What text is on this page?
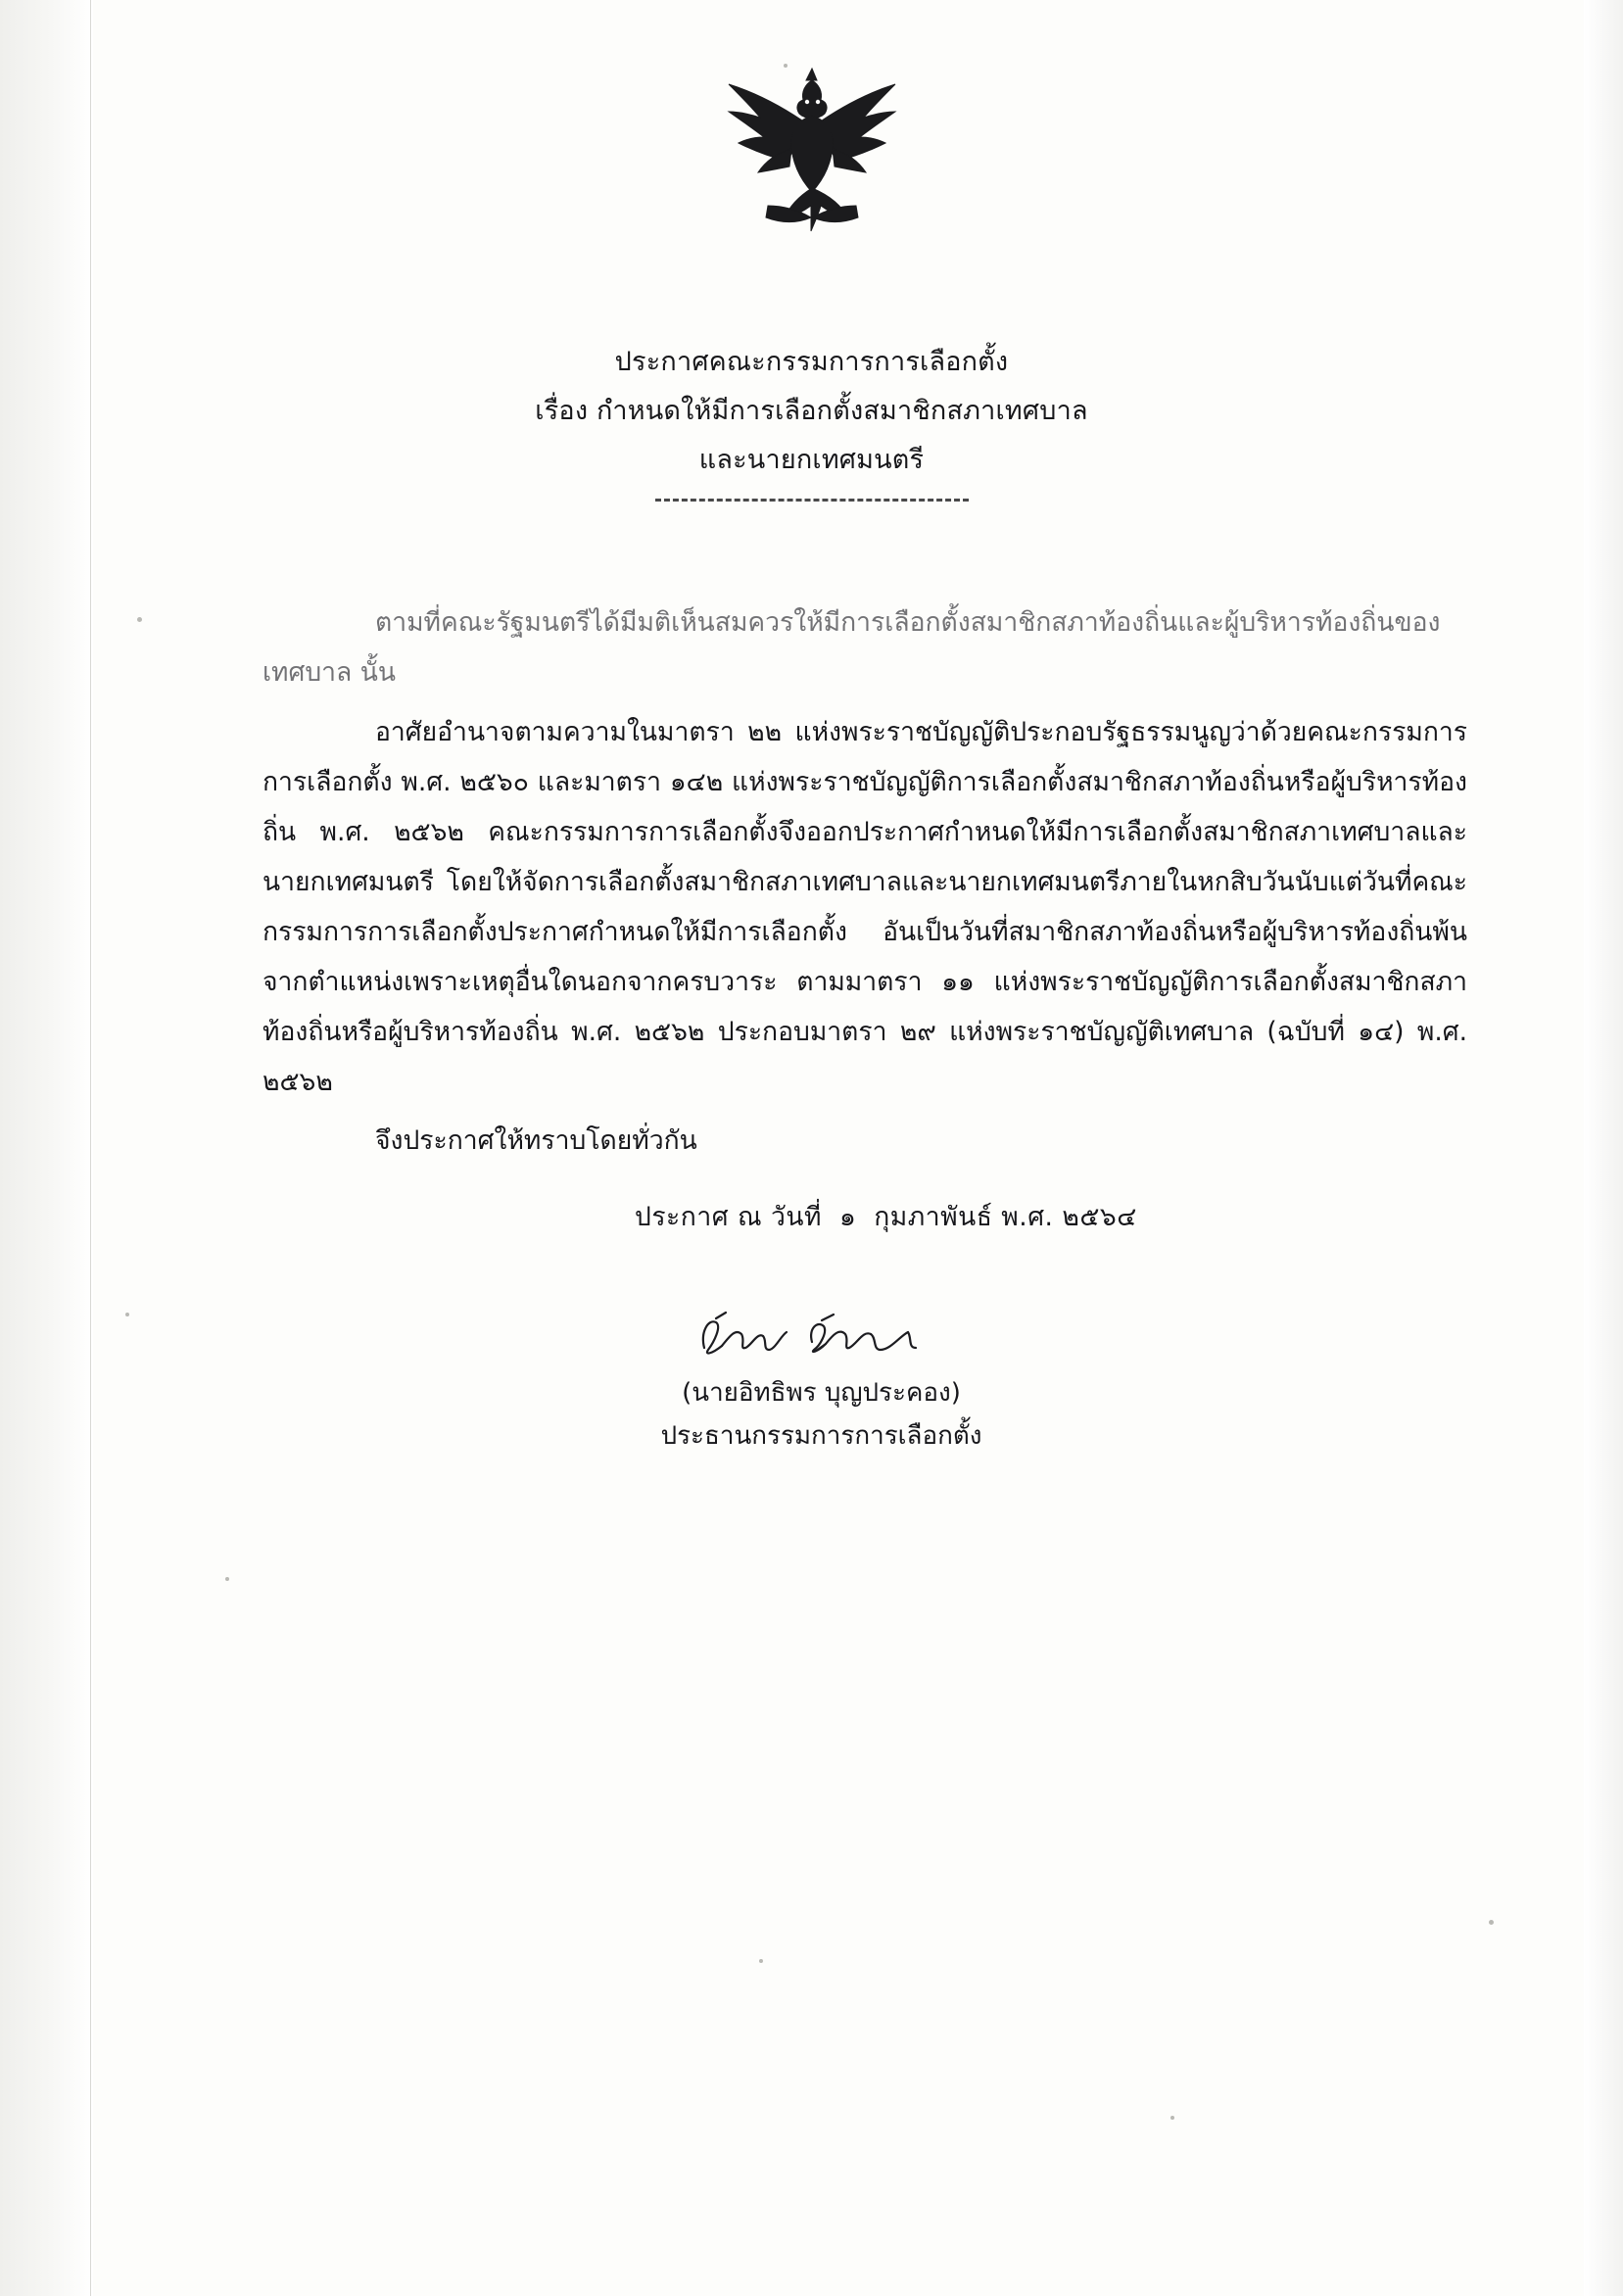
ประกาศคณะกรรมการการเลือกตั้ง
เรื่อง กำหนดให้มีการเลือกตั้งสมาชิกสภาเทศบาล
และนายกเทศมนตรี

ตามที่คณะรัฐมนตรีได้มีมติเห็นสมควรให้มีการเลือกตั้งสมาชิกสภาท้องถิ่นและผู้บริหารท้องถิ่นของเทศบาล นั้น

อาศัยอำนาจตามความในมาตรา ๒๒ แห่งพระราชบัญญัติประกอบรัฐธรรมนูญว่าด้วยคณะกรรมการการเลือกตั้ง พ.ศ. ๒๕๖๐ และมาตรา ๑๔๒ แห่งพระราชบัญญัติการเลือกตั้งสมาชิกสภาท้องถิ่นหรือผู้บริหารท้องถิ่น พ.ศ. ๒๕๖๒ คณะกรรมการการเลือกตั้งจึงออกประกาศกำหนดให้มีการเลือกตั้งสมาชิกสภาเทศบาลและนายกเทศมนตรี โดยให้จัดการเลือกตั้งสมาชิกสภาเทศบาลและนายกเทศมนตรีภายในหกสิบวันนับแต่วันที่คณะกรรมการการเลือกตั้งประกาศกำหนดให้มีการเลือกตั้ง อันเป็นวันที่สมาชิกสภาท้องถิ่นหรือผู้บริหารท้องถิ่นพ้นจากตำแหน่งเพราะเหตุอื่นใดนอกจากครบวาระ ตามมาตรา ๑๑ แห่งพระราชบัญญัติการเลือกตั้งสมาชิกสภาท้องถิ่นหรือผู้บริหารท้องถิ่น พ.ศ. ๒๕๖๒ ประกอบมาตรา ๒๙ แห่งพระราชบัญญัติเทศบาล (ฉบับที่ ๑๔) พ.ศ. ๒๕๖๒

จึงประกาศให้ทราบโดยทั่วกัน
ประกาศ ณ วันที่ ๑ กุมภาพันธ์ พ.ศ. ๒๕๖๔
(นายอิทธิพร บุญประคอง)
ประธานกรรมการการเลือกตั้ง
